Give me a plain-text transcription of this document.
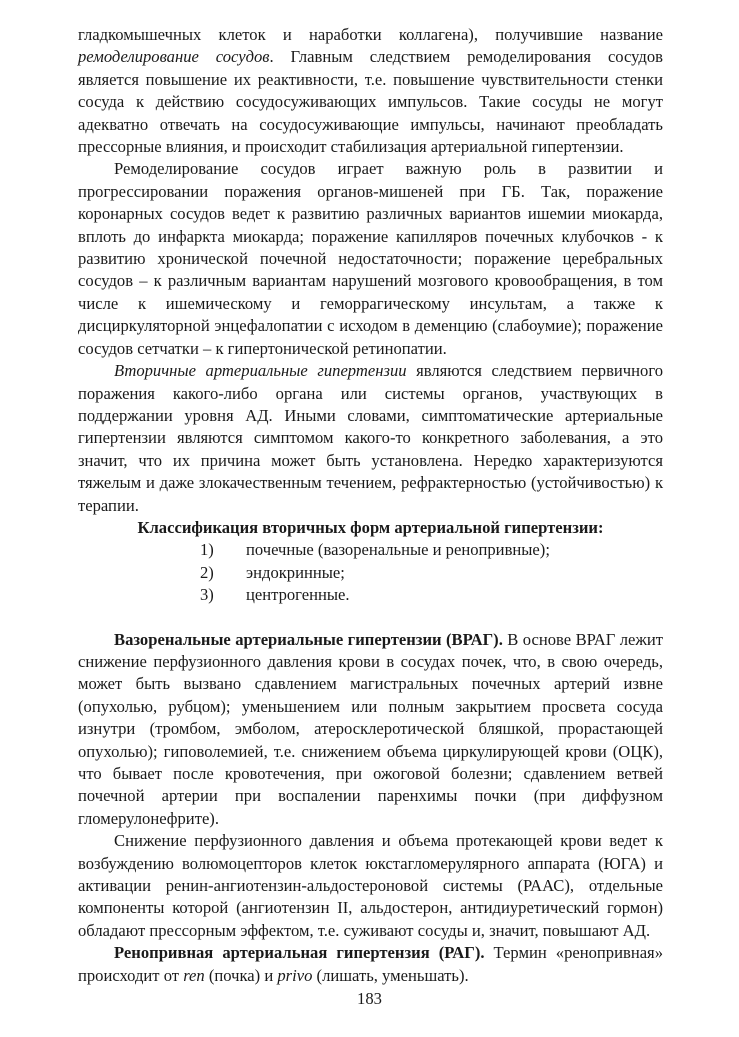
гладкомышечных клеток и наработки коллагена), получившие название ремоделирование сосудов. Главным следствием ремоделирования сосудов является повышение их реактивности, т.е. повышение чувствительности стенки сосуда к действию сосудосуживающих импульсов. Такие сосуды не могут адекватно отвечать на сосудосуживающие импульсы, начинают преобладать прессорные влияния, и происходит стабилизация артериальной гипертензии.

Ремоделирование сосудов играет важную роль в развитии и прогрессировании поражения органов-мишеней при ГБ. Так, поражение коронарных сосудов ведет к развитию различных вариантов ишемии миокарда, вплоть до инфаркта миокарда; поражение капилляров почечных клубочков - к развитию хронической почечной недостаточности; поражение церебральных сосудов – к различным вариантам нарушений мозгового кровообращения, в том числе к ишемическому и геморрагическому инсультам, а также к дисциркуляторной энцефалопатии с исходом в деменцию (слабоумие); поражение сосудов сетчатки – к гипертонической ретинопатии.

Вторичные артериальные гипертензии являются следствием первичного поражения какого-либо органа или системы органов, участвующих в поддержании уровня АД. Иными словами, симптоматические артериальные гипертензии являются симптомом какого-то конкретного заболевания, а это значит, что их причина может быть установлена. Нередко характеризуются тяжелым и даже злокачественным течением, рефрактерностью (устойчивостью) к терапии.

Классификация вторичных форм артериальной гипертензии:

1)	почечные (вазоренальные и ренопривные);
2)	эндокринные;
3)	центрогенные.

Вазоренальные артериальные гипертензии (ВРАГ). В основе ВРАГ лежит снижение перфузионного давления крови в сосудах почек, что, в свою очередь, может быть вызвано сдавлением магистральных почечных артерий извне (опухолью, рубцом); уменьшением или полным закрытием просвета сосуда изнутри (тромбом, эмболом, атеросклеротической бляшкой, прорастающей опухолью); гиповолемией, т.е. снижением объема циркулирующей крови (ОЦК), что бывает после кровотечения, при ожоговой болезни; сдавлением ветвей почечной артерии при воспалении паренхимы почки (при диффузном гломерулонефрите).

Снижение перфузионного давления и объема протекающей крови ведет к возбуждению волюмоцепторов клеток юкстагломерулярного аппарата (ЮГА) и активации ренин-ангиотензин-альдостероновой системы (РААС), отдельные компоненты которой (ангиотензин II, альдостерон, антидиуретический гормон) обладают прессорным эффектом, т.е. суживают сосуды и, значит, повышают АД.

Ренопривная артериальная гипертензия (РАГ). Термин «ренопривная» происходит от ren (почка) и privo (лишать, уменьшать).

183
